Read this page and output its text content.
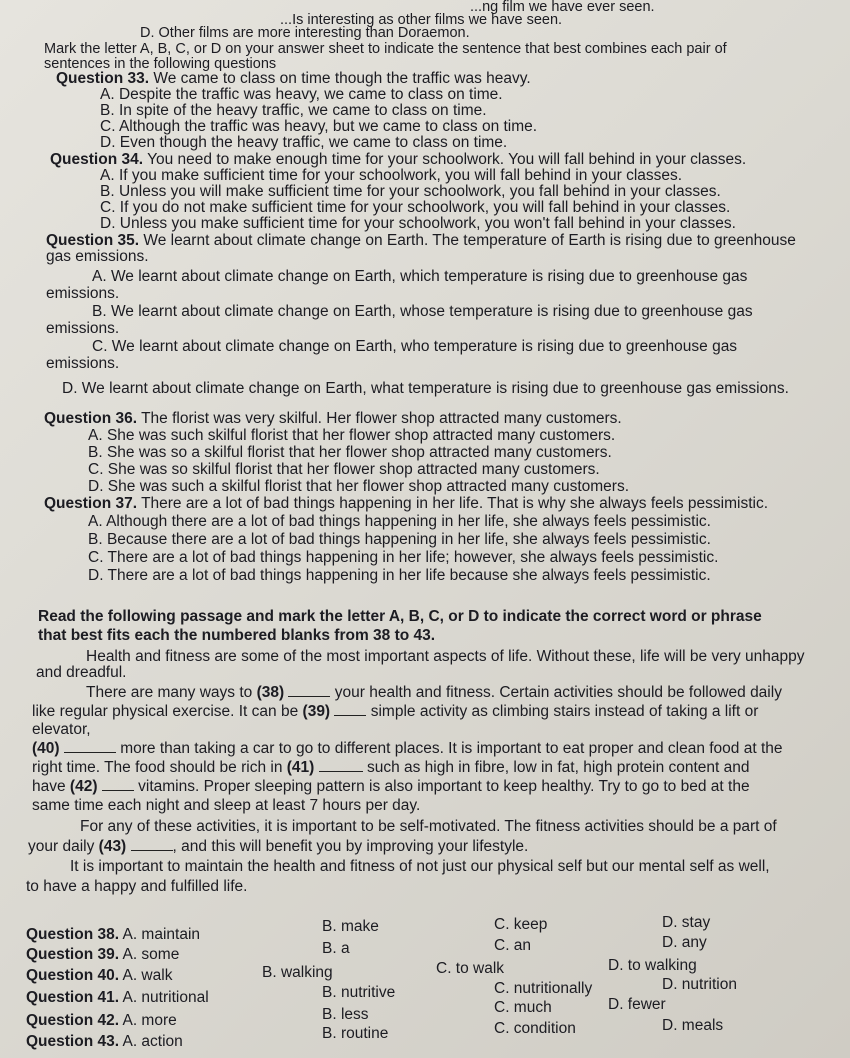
...ng film we have ever seen.
...Is interesting as other films we have seen.
D. Other films are more interesting than Doraemon.
Mark the letter A, B, C, or D on your answer sheet to indicate the sentence that best combines each pair of
sentences in the following questions
Question 33. We came to class on time though the traffic was heavy.
A. Despite the traffic was heavy, we came to class on time.
B. In spite of the heavy traffic, we came to class on time.
C. Although the traffic was heavy, but we came to class on time.
D. Even though the heavy traffic, we came to class on time.
Question 34. You need to make enough time for your schoolwork. You will fall behind in your classes.
A. If you make sufficient time for your schoolwork, you will fall behind in your classes.
B. Unless you will make sufficient time for your schoolwork, you fall behind in your classes.
C. If you do not make sufficient time for your schoolwork, you will fall behind in your classes.
D. Unless you make sufficient time for your schoolwork, you won't fall behind in your classes.
Question 35. We learnt about climate change on Earth. The temperature of Earth is rising due to greenhouse
gas emissions.
A. We learnt about climate change on Earth, which temperature is rising due to greenhouse gas
emissions.
B. We learnt about climate change on Earth, whose temperature is rising due to greenhouse gas
emissions.
C. We learnt about climate change on Earth, who temperature is rising due to greenhouse gas
emissions.
D. We learnt about climate change on Earth, what temperature is rising due to greenhouse gas emissions.
Question 36. The florist was very skilful. Her flower shop attracted many customers.
A. She was such skilful florist that her flower shop attracted many customers.
B. She was so a skilful florist that her flower shop attracted many customers.
C. She was so skilful florist that her flower shop attracted many customers.
D. She was such a skilful florist that her flower shop attracted many customers.
Question 37. There are a lot of bad things happening in her life. That is why she always feels pessimistic.
A. Although there are a lot of bad things happening in her life, she always feels pessimistic.
B. Because there are a lot of bad things happening in her life, she always feels pessimistic.
C. There are a lot of bad things happening in her life; however, she always feels pessimistic.
D. There are a lot of bad things happening in her life because she always feels pessimistic.
Read the following passage and mark the letter A, B, C, or D to indicate the correct word or phrase
that best fits each the numbered blanks from 38 to 43.
Health and fitness are some of the most important aspects of life. Without these, life will be very unhappy
and dreadful.
There are many ways to (38)	your health and fitness. Certain activities should be followed daily
like regular physical exercise. It can be (39)  simple activity as climbing stairs instead of taking a lift or
elevator,
(40)	more than taking a car to go to different places. It is important to eat proper and clean food at the
right time. The food should be rich in (41)	such as high in fibre, low in fat, high protein content and
have (42)  vitamins. Proper sleeping pattern is also important to keep healthy. Try to go to bed at the
same time each night and sleep at least 7 hours per day.
For any of these activities, it is important to be self-motivated. The fitness activities should be a part of
your daily (43)	, and this will benefit you by improving your lifestyle.
It is important to maintain the health and fitness of not just our physical self but our mental self as well,
to have a happy and fulfilled life.
Question 38. A. maintain	B. make	C. keep	D. stay
Question 39. A. some	B. a	C. an	D. any
Question 40. A. walk	B. walking	C. to walk	D. to walking
Question 41. A. nutritional	B. nutritive	C. nutritionally	D. nutrition
Question 42. A. more	B. less	C. much	D. fewer
Question 43. A. action	B. routine	C. condition	D. meals
